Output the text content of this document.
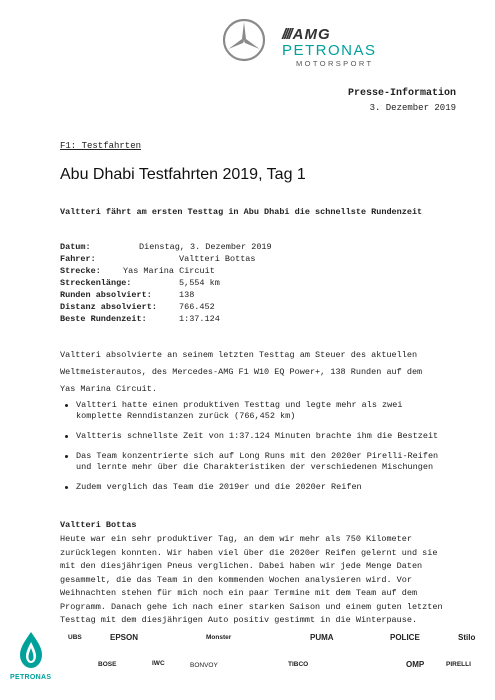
//// AMG
PETRONAS
MOTORSPORT
Presse-Information
3. Dezember 2019
F1: Testfahrten
Abu Dhabi Testfahrten 2019, Tag 1
Valtteri fährt am ersten Testtag in Abu Dhabi die schnellste Rundenzeit
Datum:	Dienstag, 3. Dezember 2019
Fahrer:	Valtteri Bottas
Strecke:	Yas Marina Circuit
Streckenlänge:	5,554 km
Runden absolviert:	138
Distanz absolviert:	766.452
Beste Rundenzeit:	1:37.124
Valtteri absolvierte an seinem letzten Testtag am Steuer des aktuellen Weltmeisterautos, des Mercedes-AMG F1 W10 EQ Power+, 138 Runden auf dem Yas Marina Circuit.
Valtteri hatte einen produktiven Testtag und legte mehr als zwei komplette Renndistanzen zurück (766,452 km)
Valtteris schnellste Zeit von 1:37.124 Minuten brachte ihm die Bestzeit
Das Team konzentrierte sich auf Long Runs mit den 2020er Pirelli-Reifen und lernte mehr über die Charakteristiken der verschiedenen Mischungen
Zudem verglich das Team die 2019er und die 2020er Reifen
Valtteri Bottas
Heute war ein sehr produktiver Tag, an dem wir mehr als 750 Kilometer zurücklegen konnten. Wir haben viel über die 2020er Reifen gelernt und sie mit den diesjährigen Pneus verglichen. Dabei haben wir jede Menge Daten gesammelt, die das Team in den kommenden Wochen analysieren wird. Vor Weihnachten stehen für mich noch ein paar Termine mit dem Team auf dem Programm. Danach gehe ich nach einer starken Saison und einem guten letzten Testtag mit dem diesjährigen Auto positiv gestimmt in die Winterpause.
PETRONAS
UBS	EPSON	Monster	PUMA	POLICE	Stilo
BOSE	IWC	BONVOY	TIBCO	OMP	PIRELLI
